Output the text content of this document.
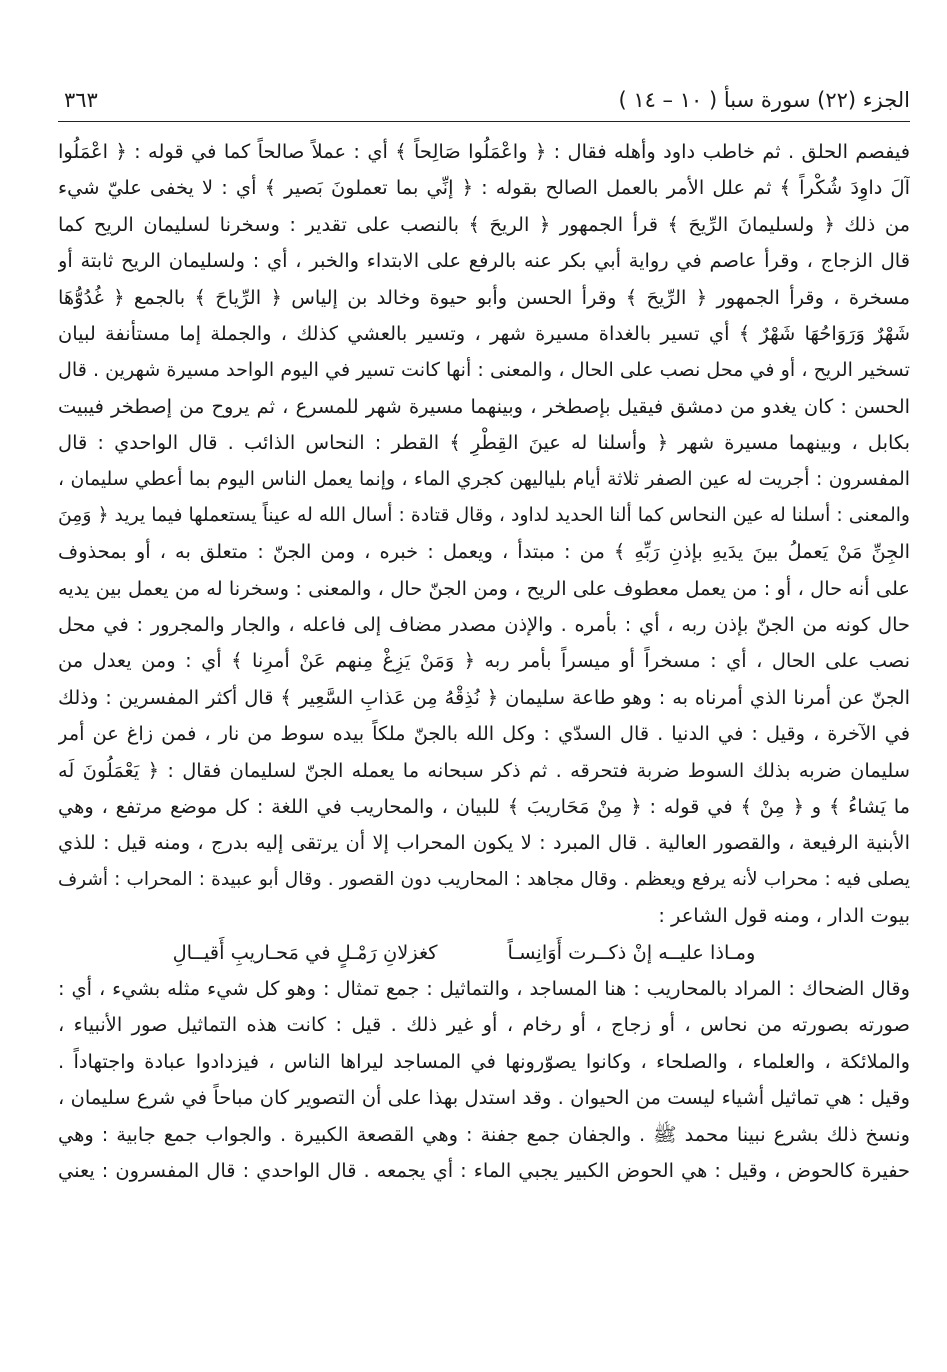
الجزء (٢٢) سورة سبأ ( ١٠ – ١٤ )
٣٦٣
فيفصم الحلق . ثم خاطب داود وأهله فقال : ﴿ واعْمَلُوا صَالِحاً ﴾ أي : عملاً صالحاً كما في قوله : ﴿ اعْمَلُوا
آلَ داوِدَ شُكْراً ﴾ ثم علل الأمر بالعمل الصالح بقوله : ﴿ إنِّي بما تعملونَ بَصير ﴾ أي : لا يخفى عليّ شيء
من ذلك ﴿ ولسليمانَ الرِّيحَ ﴾ قرأ الجمهور ﴿ الريحَ ﴾ بالنصب على تقدير : وسخرنا لسليمان الريح كما
قال الزجاج ، وقرأ عاصم في رواية أبي بكر عنه بالرفع على الابتداء والخبر ، أي : ولسليمان الريح ثابتة أو
مسخرة ، وقرأ الجمهور ﴿ الرِّيحَ ﴾ وقرأ الحسن وأبو حيوة وخالد بن إلياس ﴿ الرِّياحَ ﴾ بالجمع ﴿ غُدُوُّهَا
شَهْرٌ وَرَوَاحُهَا شَهْرٌ ﴾ أي تسير بالغداة مسيرة شهر ، وتسير بالعشي كذلك ، والجملة إما مستأنفة لبيان
تسخير الريح ، أو في محل نصب على الحال ، والمعنى : أنها كانت تسير في اليوم الواحد مسيرة شهرين . قال
الحسن : كان يغدو من دمشق فيقيل بإصطخر ، وبينهما مسيرة شهر للمسرع ، ثم يروح من إصطخر فيبيت
بكابل ، وبينهما مسيرة شهر ﴿ وأسلنا له عينَ القِطْرِ ﴾ القطر : النحاس الذائب . قال الواحدي : قال
المفسرون : أجريت له عين الصفر ثلاثة أيام بلياليهن كجري الماء ، وإنما يعمل الناس اليوم بما أعطي سليمان ،
والمعنى : أسلنا له عين النحاس كما ألنا الحديد لداود ، وقال قتادة : أسال الله له عيناً يستعملها فيما يريد ﴿ وَمِنَ
الجِنِّ مَنْ يَعملُ بينَ يدَيهِ بإذنِ رَبِّهِ ﴾ من : مبتدأ ، ويعمل : خبره ، ومن الجنّ : متعلق به ، أو بمحذوف
على أنه حال ، أو : من يعمل معطوف على الريح ، ومن الجنّ حال ، والمعنى : وسخرنا له من يعمل بين يديه
حال كونه من الجنّ بإذن ربه ، أي : بأمره . والإذن مصدر مضاف إلى فاعله ، والجار والمجرور : في محل
نصب على الحال ، أي : مسخراً أو ميسراً بأمر ربه ﴿ وَمَنْ يَزِغْ مِنهم عَنْ أمرِنا ﴾ أي : ومن يعدل من
الجنّ عن أمرنا الذي أمرناه به : وهو طاعة سليمان ﴿ نُذِقْهُ مِن عَذابِ السَّعِير ﴾ قال أكثر المفسرين : وذلك
في الآخرة ، وقيل : في الدنيا . قال السدّي : وكل الله بالجنّ ملكاً بيده سوط من نار ، فمن زاغ عن أمر
سليمان ضربه بذلك السوط ضربة فتحرقه . ثم ذكر سبحانه ما يعمله الجنّ لسليمان فقال : ﴿ يَعْمَلُونَ لَه
ما يَشاءُ ﴾ و ﴿ مِنْ ﴾ في قوله : ﴿ مِنْ مَحَاريبَ ﴾ للبيان ، والمحاريب في اللغة : كل موضع مرتفع ، وهي
الأبنية الرفيعة ، والقصور العالية . قال المبرد : لا يكون المحراب إلا أن يرتقى إليه بدرج ، ومنه قيل : للذي
يصلى فيه : محراب لأنه يرفع ويعظم . وقال مجاهد : المحاريب دون القصور . وقال أبو عبيدة : المحراب : أشرف
بيوت الدار ، ومنه قول الشاعر :
ومـاذا عليــه إنْ ذكــرت أَوَانِسـاً
كغزلانِ رَمْـلٍ في مَحـاريبِ أَقيــالِ
وقال الضحاك : المراد بالمحاريب : هنا المساجد ، والتماثيل : جمع تمثال : وهو كل شيء مثله بشيء ، أي :
صورته بصورته من نحاس ، أو زجاج ، أو رخام ، أو غير ذلك . قيل : كانت هذه التماثيل صور الأنبياء ،
والملائكة ، والعلماء ، والصلحاء ، وكانوا يصوّرونها في المساجد ليراها الناس ، فيزدادوا عبادة واجتهاداً .
وقيل : هي تماثيل أشياء ليست من الحيوان . وقد استدل بهذا على أن التصوير كان مباحاً في شرع سليمان ،
ونسخ ذلك بشرع نبينا محمد ﷺ . والجفان جمع جفنة : وهي القصعة الكبيرة . والجواب جمع جابية : وهي
حفيرة كالحوض ، وقيل : هي الحوض الكبير يجبي الماء : أي يجمعه . قال الواحدي : قال المفسرون : يعني
